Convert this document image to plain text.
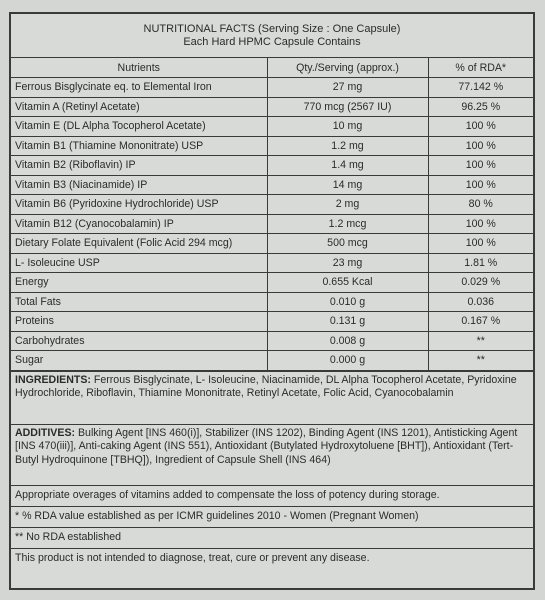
NUTRITIONAL FACTS (Serving Size : One Capsule)
Each Hard HPMC Capsule Contains
Nutrients	Qty./Serving (approx.)	% of RDA*
Ferrous Bisglycinate eq. to Elemental Iron	27 mg	77.142 %
Vitamin A (Retinyl Acetate)	770 mcg (2567 IU)	96.25 %
Vitamin E (DL Alpha Tocopherol Acetate)	10 mg	100 %
Vitamin B1 (Thiamine Mononitrate) USP	1.2 mg	100 %
Vitamin B2 (Riboflavin) IP	1.4 mg	100 %
Vitamin B3 (Niacinamide) IP	14 mg	100 %
Vitamin B6 (Pyridoxine Hydrochloride) USP	2 mg	80 %
Vitamin B12 (Cyanocobalamin) IP	1.2 mcg	100 %
Dietary Folate Equivalent (Folic Acid 294 mcg)	500 mcg	100 %
L- Isoleucine USP	23 mg	1.81 %
Energy	0.655 Kcal	0.029 %
Total Fats	0.010 g	0.036
Proteins	0.131 g	0.167 %
Carbohydrates	0.008 g	**
Sugar	0.000 g	**
INGREDIENTS: Ferrous Bisglycinate, L- Isoleucine, Niacinamide, DL Alpha Tocopherol Acetate, Pyridoxine Hydrochloride, Riboflavin, Thiamine Mononitrate, Retinyl Acetate, Folic Acid, Cyanocobalamin
ADDITIVES: Bulking Agent [INS 460(i)], Stabilizer (INS 1202), Binding Agent (INS 1201), Antisticking Agent [INS 470(iii)], Anti-caking Agent (INS 551), Antioxidant (Butylated Hydroxytoluene [BHT]), Antioxidant (Tert-Butyl Hydroquinone [TBHQ]), Ingredient of Capsule Shell (INS 464)
Appropriate overages of vitamins added to compensate the loss of potency during storage.
* % RDA value established as per ICMR guidelines 2010 - Women (Pregnant Women)
** No RDA established
This product is not intended to diagnose, treat, cure or prevent any disease.
